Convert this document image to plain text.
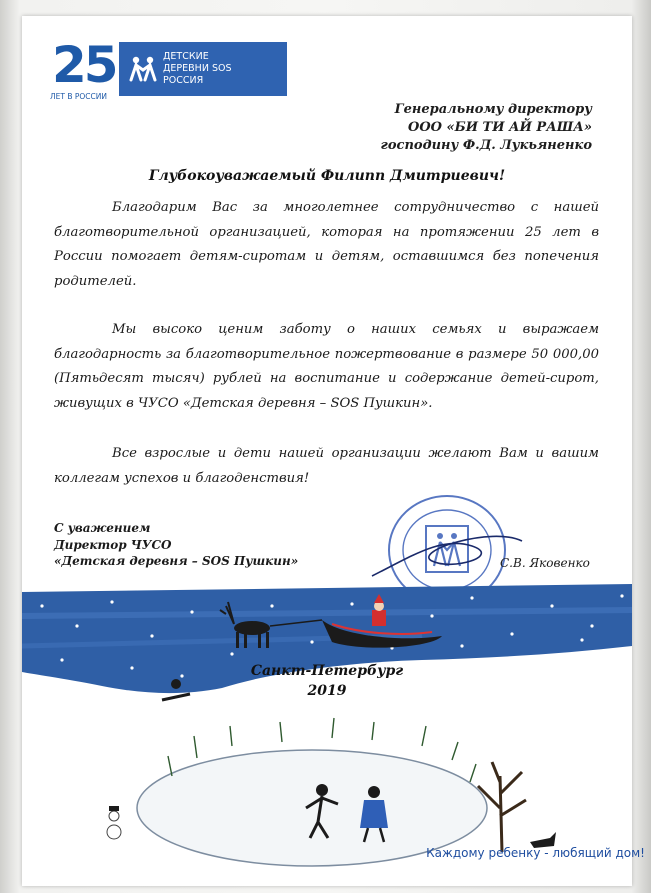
25
ЛЕТ В РОССИИ
ДЕТСКИЕ
ДЕРЕВНИ SOS
РОССИЯ
Генеральному директору
ООО «БИ ТИ АЙ РАША»
господину Ф.Д. Лукьяненко
Глубокоуважаемый Филипп Дмитриевич!
Благодарим Вас за многолетнее сотрудничество с нашей благотворительной организацией, которая на протяжении 25 лет в России помогает детям-сиротам и детям, оставшимся без попечения родителей.
Мы высоко ценим заботу о наших семьях и выражаем благодарность за благотворительное пожертвование в размере 50 000,00 (Пятьдесят тысяч) рублей на воспитание и содержание детей-сирот, живущих в ЧУСО «Детская деревня – SOS Пушкин».
Все взрослые и дети нашей организации желают Вам и вашим коллегам успехов и благоденствия!
С уважением
Директор ЧУСО
«Детская деревня – SOS Пушкин»	С.В. Яковенко
Санкт-Петербург
2019
Каждому ребенку - любящий дом!
